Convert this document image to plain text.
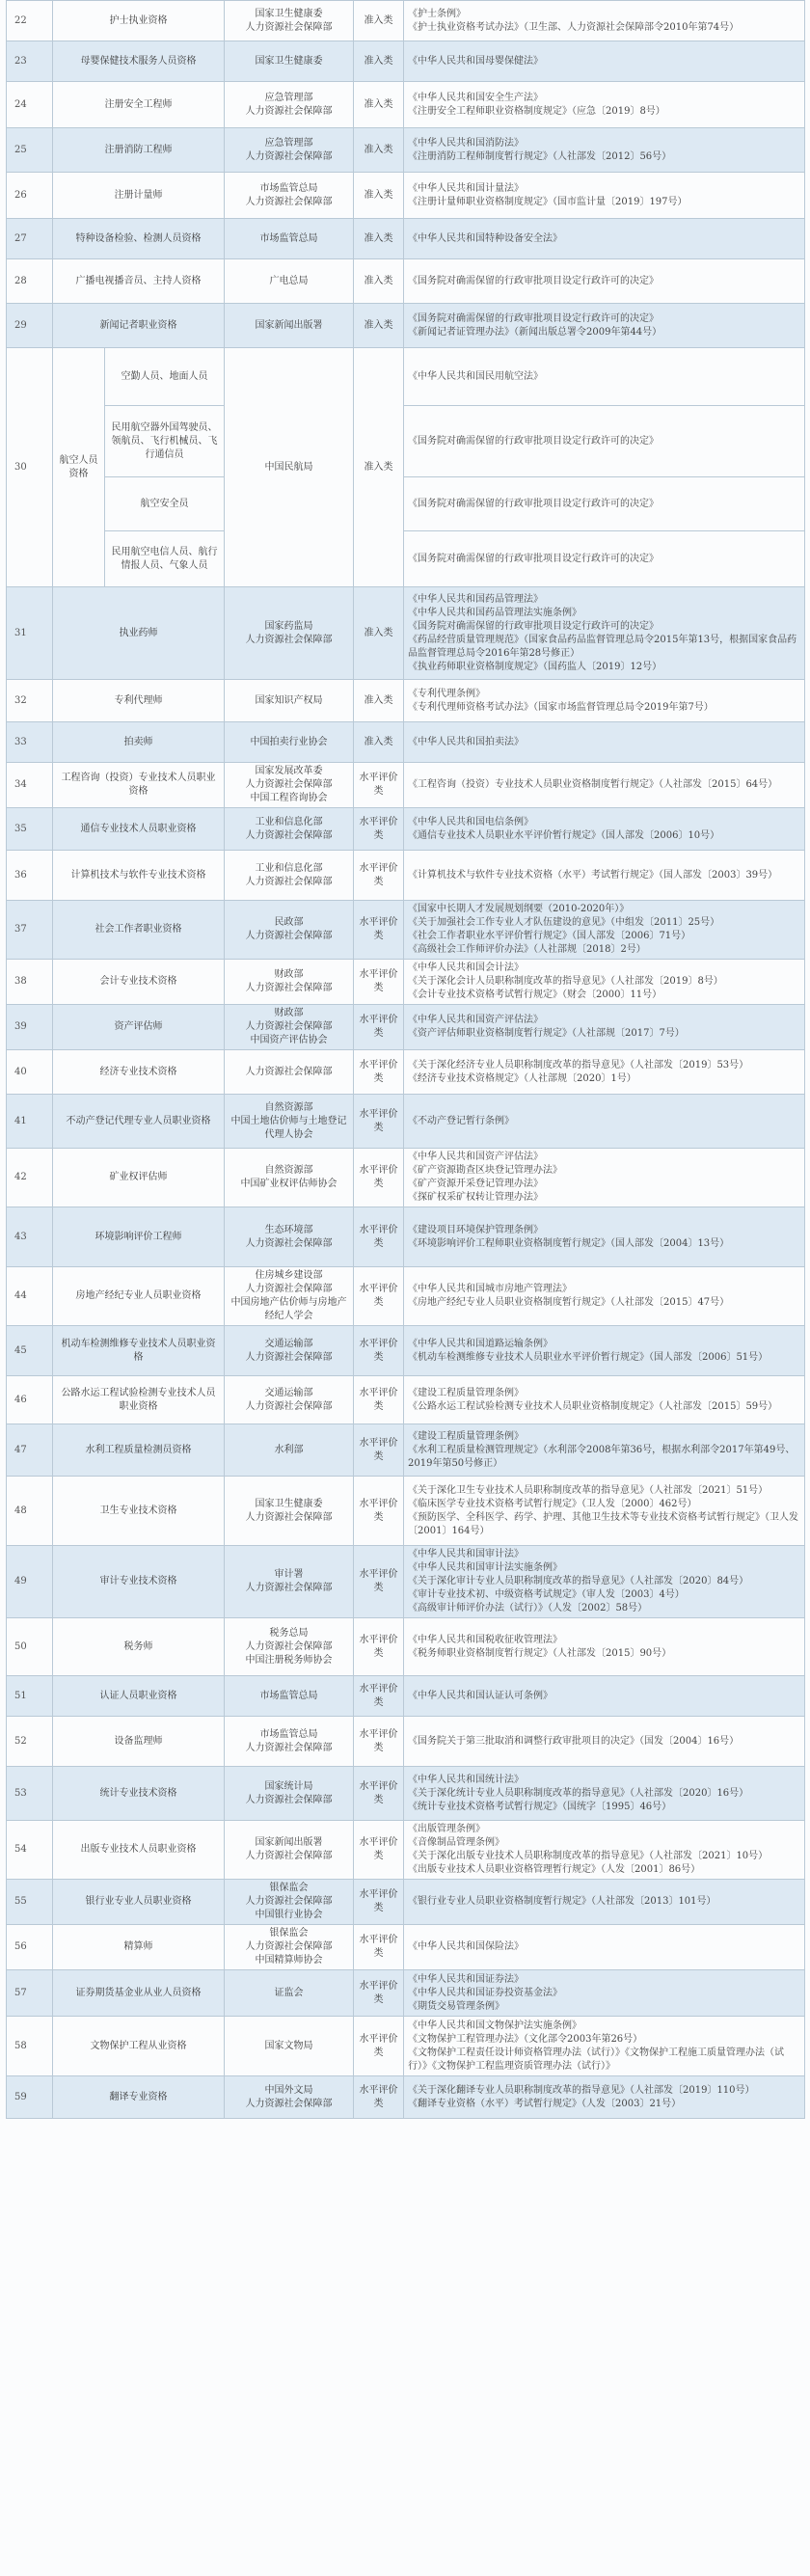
22	护士执业资格		国家卫生健康委
人力资源社会保障部	准入类	《护士条例》
《护士执业资格考试办法》（卫生部、人力资源社会保障部令2010年第74号）

23	母婴保健技术服务人员资格		国家卫生健康委	准入类	《中华人民共和国母婴保健法》

24	注册安全工程师		应急管理部
人力资源社会保障部	准入类	《中华人民共和国安全生产法》
《注册安全工程师职业资格制度规定》（应急〔2019〕8号）

25	注册消防工程师		应急管理部
人力资源社会保障部	准入类	《中华人民共和国消防法》
《注册消防工程师制度暂行规定》（人社部发〔2012〕56号）

26	注册计量师		市场监管总局
人力资源社会保障部	准入类	《中华人民共和国计量法》
《注册计量师职业资格制度规定》（国市监计量〔2019〕197号）

27	特种设备检验、检测人员资格		市场监管总局	准入类	《中华人民共和国特种设备安全法》

28	广播电视播音员、主持人资格		广电总局	准入类	《国务院对确需保留的行政审批项目设定行政许可的决定》

29	新闻记者职业资格		国家新闻出版署	准入类	《国务院对确需保留的行政审批项目设定行政许可的决定》
《新闻记者证管理办法》（新闻出版总署令2009年第44号）

30	航空人员资格	空勤人员、地面人员	中国民航局	准入类	《中华人民共和国民用航空法》

		民用航空器外国驾驶员、领航员、飞行机械员、飞行通信员			《国务院对确需保留的行政审批项目设定行政许可的决定》

		航空安全员			《国务院对确需保留的行政审批项目设定行政许可的决定》

		民用航空电信人员、航行情报人员、气象人员			《国务院对确需保留的行政审批项目设定行政许可的决定》

31	执业药师		国家药监局
人力资源社会保障部	准入类	《中华人民共和国药品管理法》
《中华人民共和国药品管理法实施条例》
《国务院对确需保留的行政审批项目设定行政许可的决定》
《药品经营质量管理规范》（国家食品药品监督管理总局令2015年第13号，根据国家食品药品监督管理总局令2016年第28号修正）
《执业药师职业资格制度规定》（国药监人〔2019〕12号）

32	专利代理师		国家知识产权局	准入类	《专利代理条例》
《专利代理师资格考试办法》（国家市场监督管理总局令2019年第7号）

33	拍卖师		中国拍卖行业协会	准入类	《中华人民共和国拍卖法》

34	工程咨询（投资）专业技术人员职业资格		国家发展改革委
人力资源社会保障部
中国工程咨询协会	水平评价类	《工程咨询（投资）专业技术人员职业资格制度暂行规定》（人社部发〔2015〕64号）

35	通信专业技术人员职业资格		工业和信息化部
人力资源社会保障部	水平评价类	《中华人民共和国电信条例》
《通信专业技术人员职业水平评价暂行规定》（国人部发〔2006〕10号）

36	计算机技术与软件专业技术资格		工业和信息化部
人力资源社会保障部	水平评价类	《计算机技术与软件专业技术资格（水平）考试暂行规定》（国人部发〔2003〕39号）

37	社会工作者职业资格		民政部
人力资源社会保障部	水平评价类	《国家中长期人才发展规划纲要（2010-2020年）》
《关于加强社会工作专业人才队伍建设的意见》（中组发〔2011〕25号）
《社会工作者职业水平评价暂行规定》（国人部发〔2006〕71号）
《高级社会工作师评价办法》（人社部规〔2018〕2号）

38	会计专业技术资格		财政部
人力资源社会保障部	水平评价类	《中华人民共和国会计法》
《关于深化会计人员职称制度改革的指导意见》（人社部发〔2019〕8号）
《会计专业技术资格考试暂行规定》（财会〔2000〕11号）

39	资产评估师		财政部
人力资源社会保障部
中国资产评估协会	水平评价类	《中华人民共和国资产评估法》
《资产评估师职业资格制度暂行规定》（人社部规〔2017〕7号）

40	经济专业技术资格		人力资源社会保障部	水平评价类	《关于深化经济专业人员职称制度改革的指导意见》（人社部发〔2019〕53号）
《经济专业技术资格规定》（人社部规〔2020〕1号）

41	不动产登记代理专业人员职业资格		自然资源部
中国土地估价师与土地登记代理人协会	水平评价类	《不动产登记暂行条例》

42	矿业权评估师		自然资源部
中国矿业权评估师协会	水平评价类	《中华人民共和国资产评估法》
《矿产资源勘查区块登记管理办法》
《矿产资源开采登记管理办法》
《探矿权采矿权转让管理办法》

43	环境影响评价工程师		生态环境部
人力资源社会保障部	水平评价类	《建设项目环境保护管理条例》
《环境影响评价工程师职业资格制度暂行规定》（国人部发〔2004〕13号）

44	房地产经纪专业人员职业资格		住房城乡建设部
人力资源社会保障部
中国房地产估价师与房地产经纪人学会	水平评价类	《中华人民共和国城市房地产管理法》
《房地产经纪专业人员职业资格制度暂行规定》（人社部发〔2015〕47号）

45	机动车检测维修专业技术人员职业资格		交通运输部
人力资源社会保障部	水平评价类	《中华人民共和国道路运输条例》
《机动车检测维修专业技术人员职业水平评价暂行规定》（国人部发〔2006〕51号）

46	公路水运工程试验检测专业技术人员职业资格		交通运输部
人力资源社会保障部	水平评价类	《建设工程质量管理条例》
《公路水运工程试验检测专业技术人员职业资格制度规定》（人社部发〔2015〕59号）

47	水利工程质量检测员资格		水利部	水平评价类	《建设工程质量管理条例》
《水利工程质量检测管理规定》（水利部令2008年第36号，根据水利部令2017年第49号、2019年第50号修正）

48	卫生专业技术资格		国家卫生健康委
人力资源社会保障部	水平评价类	《关于深化卫生专业技术人员职称制度改革的指导意见》（人社部发〔2021〕51号）
《临床医学专业技术资格考试暂行规定》（卫人发〔2000〕462号）
《预防医学、全科医学、药学、护理、其他卫生技术等专业技术资格考试暂行规定》（卫人发〔2001〕164号）

49	审计专业技术资格		审计署
人力资源社会保障部	水平评价类	《中华人民共和国审计法》
《中华人民共和国审计法实施条例》
《关于深化审计专业人员职称制度改革的指导意见》（人社部发〔2020〕84号）
《审计专业技术初、中级资格考试规定》（审人发〔2003〕4号）
《高级审计师评价办法（试行）》（人发〔2002〕58号）

50	税务师		税务总局
人力资源社会保障部
中国注册税务师协会	水平评价类	《中华人民共和国税收征收管理法》
《税务师职业资格制度暂行规定》（人社部发〔2015〕90号）

51	认证人员职业资格		市场监管总局	水平评价类	《中华人民共和国认证认可条例》

52	设备监理师		市场监管总局
人力资源社会保障部	水平评价类	《国务院关于第三批取消和调整行政审批项目的决定》（国发〔2004〕16号）

53	统计专业技术资格		国家统计局
人力资源社会保障部	水平评价类	《中华人民共和国统计法》
《关于深化统计专业人员职称制度改革的指导意见》（人社部发〔2020〕16号）
《统计专业技术资格考试暂行规定》（国统字〔1995〕46号）

54	出版专业技术人员职业资格		国家新闻出版署
人力资源社会保障部	水平评价类	《出版管理条例》
《音像制品管理条例》
《关于深化出版专业技术人员职称制度改革的指导意见》（人社部发〔2021〕10号）
《出版专业技术人员职业资格管理暂行规定》（人发〔2001〕86号）

55	银行业专业人员职业资格		银保监会
人力资源社会保障部
中国银行业协会	水平评价类	《银行业专业人员职业资格制度暂行规定》（人社部发〔2013〕101号）

56	精算师		银保监会
人力资源社会保障部
中国精算师协会	水平评价类	《中华人民共和国保险法》

57	证券期货基金业从业人员资格		证监会	水平评价类	《中华人民共和国证券法》
《中华人民共和国证券投资基金法》
《期货交易管理条例》

58	文物保护工程从业资格		国家文物局	水平评价类	《中华人民共和国文物保护法实施条例》
《文物保护工程管理办法》（文化部令2003年第26号）
《文物保护工程责任设计师资格管理办法（试行）》《文物保护工程施工质量管理办法（试行）》《文物保护工程监理资质管理办法（试行）》

59	翻译专业资格		中国外文局
人力资源社会保障部	水平评价类	《关于深化翻译专业人员职称制度改革的指导意见》（人社部发〔2019〕110号）
《翻译专业资格（水平）考试暂行规定》（人发〔2003〕21号）
